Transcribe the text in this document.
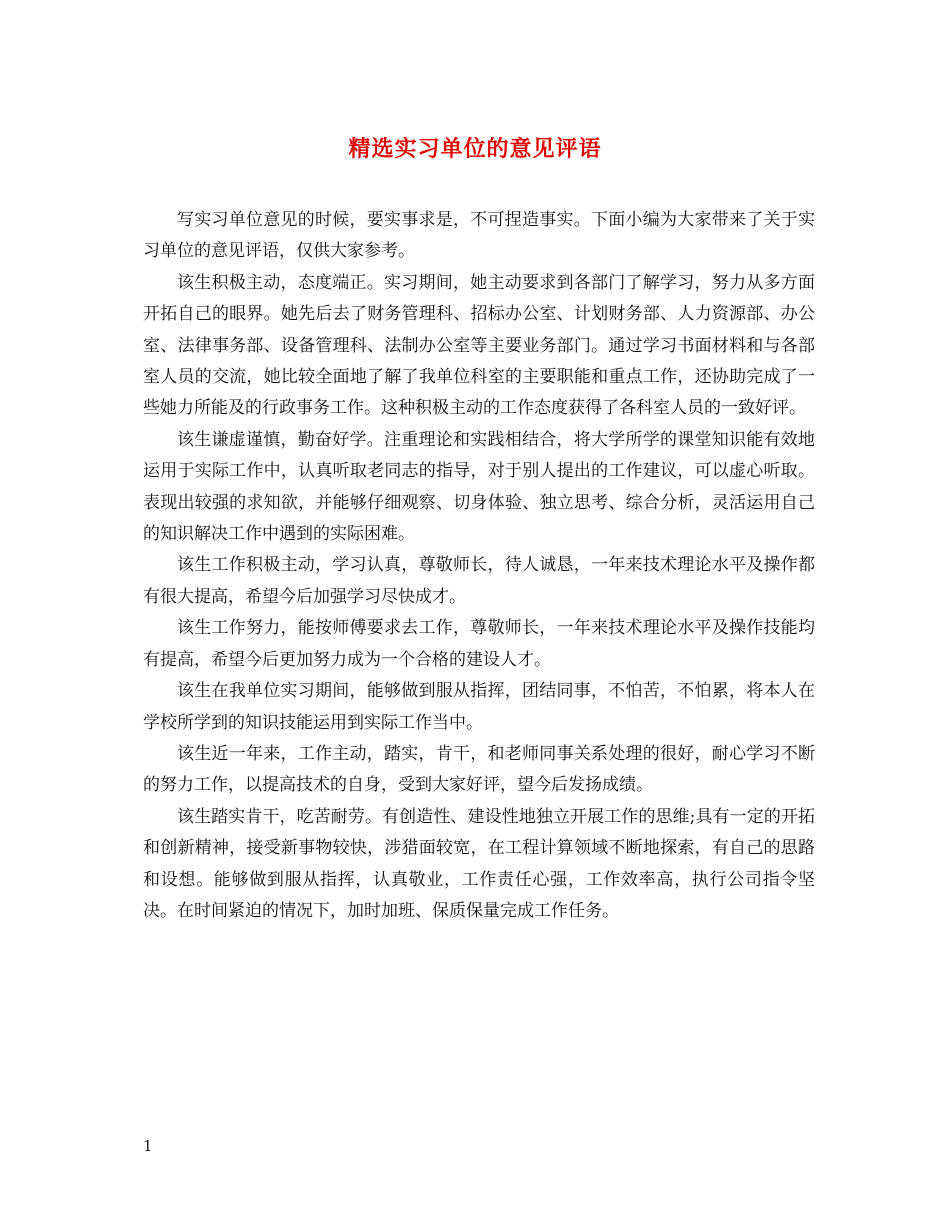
精选实习单位的意见评语

写实习单位意见的时候，要实事求是，不可捏造事实。下面小编为大家带来了关于实习单位的意见评语，仅供大家参考。

该生积极主动，态度端正。实习期间，她主动要求到各部门了解学习，努力从多方面开拓自己的眼界。她先后去了财务管理科、招标办公室、计划财务部、人力资源部、办公室、法律事务部、设备管理科、法制办公室等主要业务部门。通过学习书面材料和与各部室人员的交流，她比较全面地了解了我单位科室的主要职能和重点工作，还协助完成了一些她力所能及的行政事务工作。这种积极主动的工作态度获得了各科室人员的一致好评。

该生谦虚谨慎，勤奋好学。注重理论和实践相结合，将大学所学的课堂知识能有效地运用于实际工作中，认真听取老同志的指导，对于别人提出的工作建议，可以虚心听取。表现出较强的求知欲，并能够仔细观察、切身体验、独立思考、综合分析，灵活运用自己的知识解决工作中遇到的实际困难。

该生工作积极主动，学习认真，尊敬师长，待人诚恳，一年来技术理论水平及操作都有很大提高，希望今后加强学习尽快成才。

该生工作努力，能按师傅要求去工作，尊敬师长，一年来技术理论水平及操作技能均有提高，希望今后更加努力成为一个合格的建设人才。

该生在我单位实习期间，能够做到服从指挥，团结同事，不怕苦，不怕累，将本人在学校所学到的知识技能运用到实际工作当中。

该生近一年来，工作主动，踏实，肯干，和老师同事关系处理的很好，耐心学习不断的努力工作，以提高技术的自身，受到大家好评，望今后发扬成绩。

该生踏实肯干，吃苦耐劳。有创造性、建设性地独立开展工作的思维;具有一定的开拓和创新精神，接受新事物较快，涉猎面较宽，在工程计算领域不断地探索，有自己的思路和设想。能够做到服从指挥，认真敬业，工作责任心强，工作效率高，执行公司指令坚决。在时间紧迫的情况下，加时加班、保质保量完成工作任务。

1
